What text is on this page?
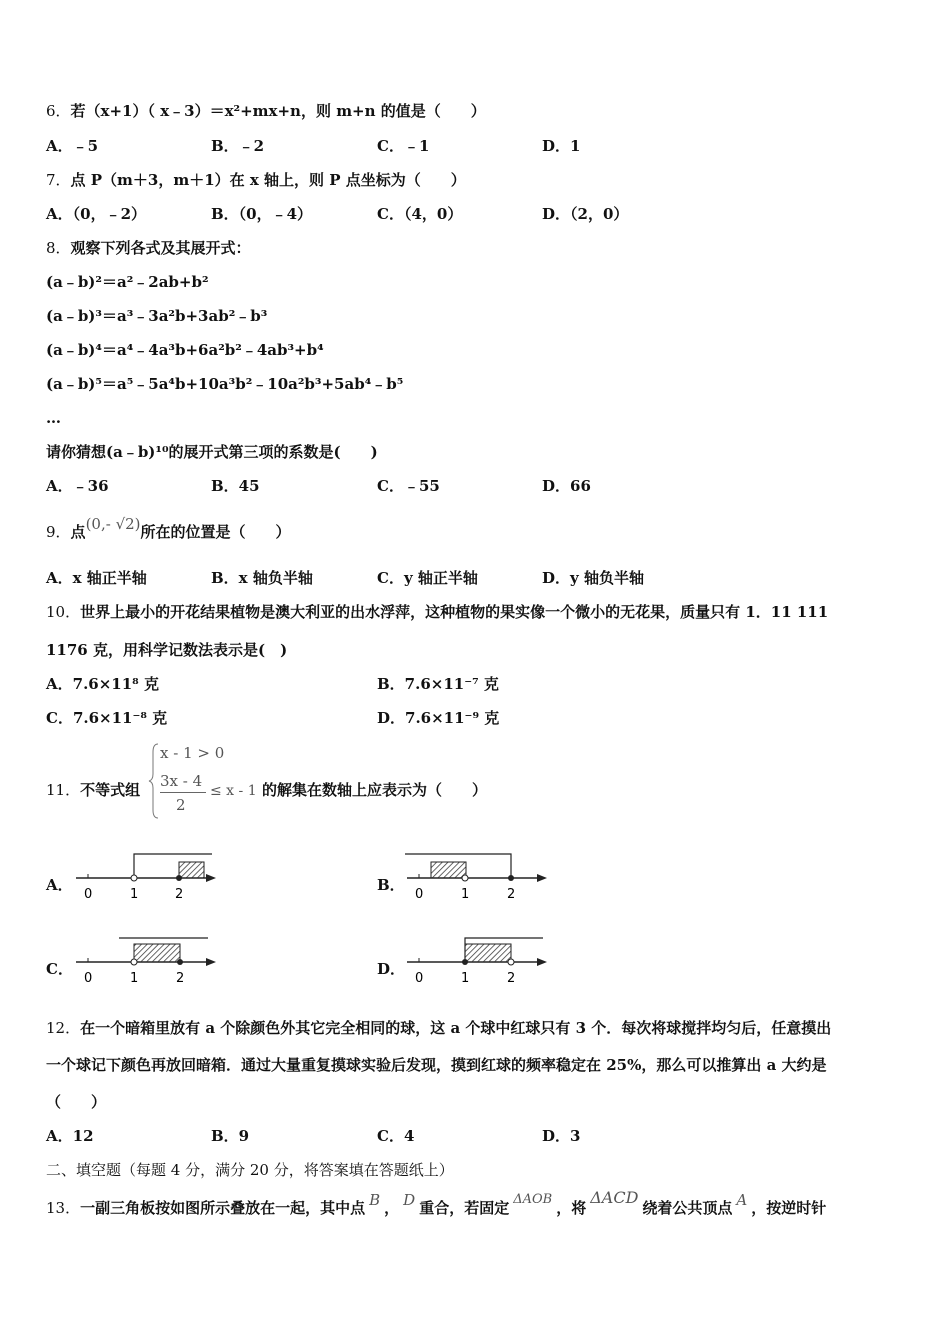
6．若（x+1）（ x﹣3）＝x²+mx+n，则 m+n 的值是（　　）
A．﹣5	B．﹣2	C．﹣1	D．1
7．点 P（m＋3，m＋1）在 x 轴上，则 P 点坐标为（　　）
A．（0，﹣2）	B．（0，﹣4）	C．（4，0）	D．（2，0）
8．观察下列各式及其展开式：
(a﹣b)²＝a²﹣2ab+b²
(a﹣b)³＝a³﹣3a²b+3ab²﹣b³
(a﹣b)⁴＝a⁴﹣4a³b+6a²b²﹣4ab³+b⁴
(a﹣b)⁵＝a⁵﹣5a⁴b+10a³b²﹣10a²b³+5ab⁴﹣b⁵
…
请你猜想(a﹣b)¹⁰的展开式第三项的系数是(　　)
A．﹣36	B．45	C．﹣55	D．66
9．点(0,- √2)所在的位置是（　　）
A．x 轴正半轴	B．x 轴负半轴	C．y 轴正半轴	D．y 轴负半轴
10．世界上最小的开花结果植物是澳大利亚的出水浮萍，这种植物的果实像一个微小的无花果，质量只有 1．11 111
1176 克，用科学记数法表示是(　)
A．7.6×11⁸ 克	B．7.6×11⁻⁷ 克
C．7.6×11⁻⁸ 克	D．7.6×11⁻⁹ 克
11．不等式组
x - 1 > 0
3x - 4
2
≤ x - 1 的解集在数轴上应表示为（　　）
A．
0	1	2
B．
0	1	2
C．
0	1	2
D．
0	1	2
12．在一个暗箱里放有 a 个除颜色外其它完全相同的球，这 a 个球中红球只有 3 个．每次将球搅拌均匀后，任意摸出
一个球记下颜色再放回暗箱．通过大量重复摸球实验后发现，摸到红球的频率稳定在 25%，那么可以推算出 a 大约是
（　　）
A．12	B．9	C．4	D．3
二、填空题（每题 4 分，满分 20 分，将答案填在答题纸上）
13．一副三角板按如图所示叠放在一起，其中点 B ， D 重合，若固定 ΔAOB ，将ΔACD绕着公共顶点 A ，按逆时针
